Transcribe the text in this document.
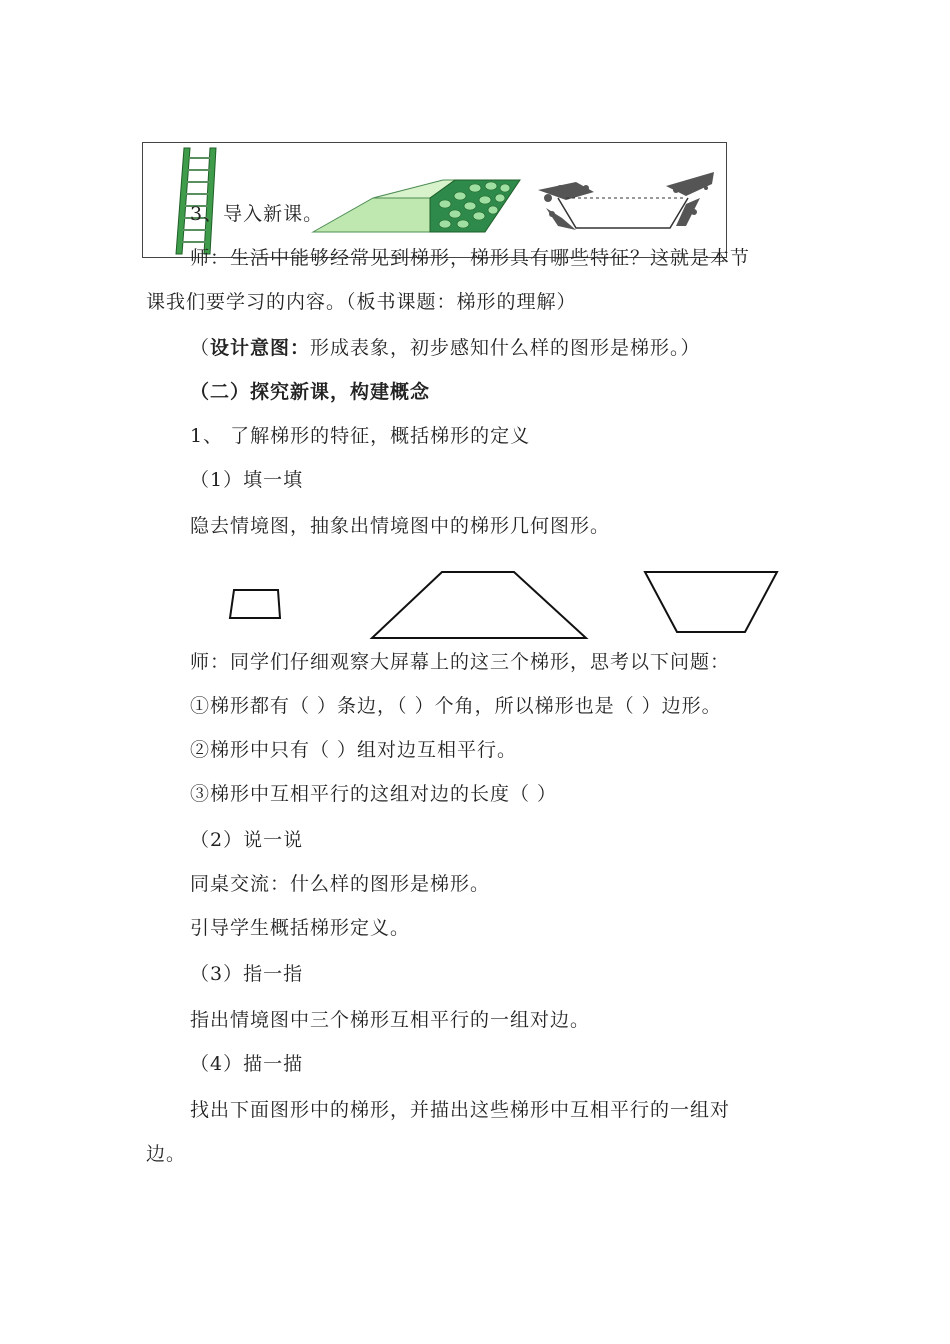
3、导入新课。
师：生活中能够经常见到梯形，梯形具有哪些特征？这就是本节
课我们要学习的内容。（板书课题：梯形的理解）
（设计意图：形成表象，初步感知什么样的图形是梯形。）
（二）探究新课，构建概念
1、 了解梯形的特征，概括梯形的定义
（1）填一填
隐去情境图，抽象出情境图中的梯形几何图形。
师：同学们仔细观察大屏幕上的这三个梯形，思考以下问题：
①梯形都有（ ）条边，（ ）个角，所以梯形也是（ ）边形。
②梯形中只有（ ）组对边互相平行。
③梯形中互相平行的这组对边的长度（ ）
（2）说一说
同桌交流：什么样的图形是梯形。
引导学生概括梯形定义。
（3）指一指
指出情境图中三个梯形互相平行的一组对边。
（4）描一描
找出下面图形中的梯形，并描出这些梯形中互相平行的一组对
边。
